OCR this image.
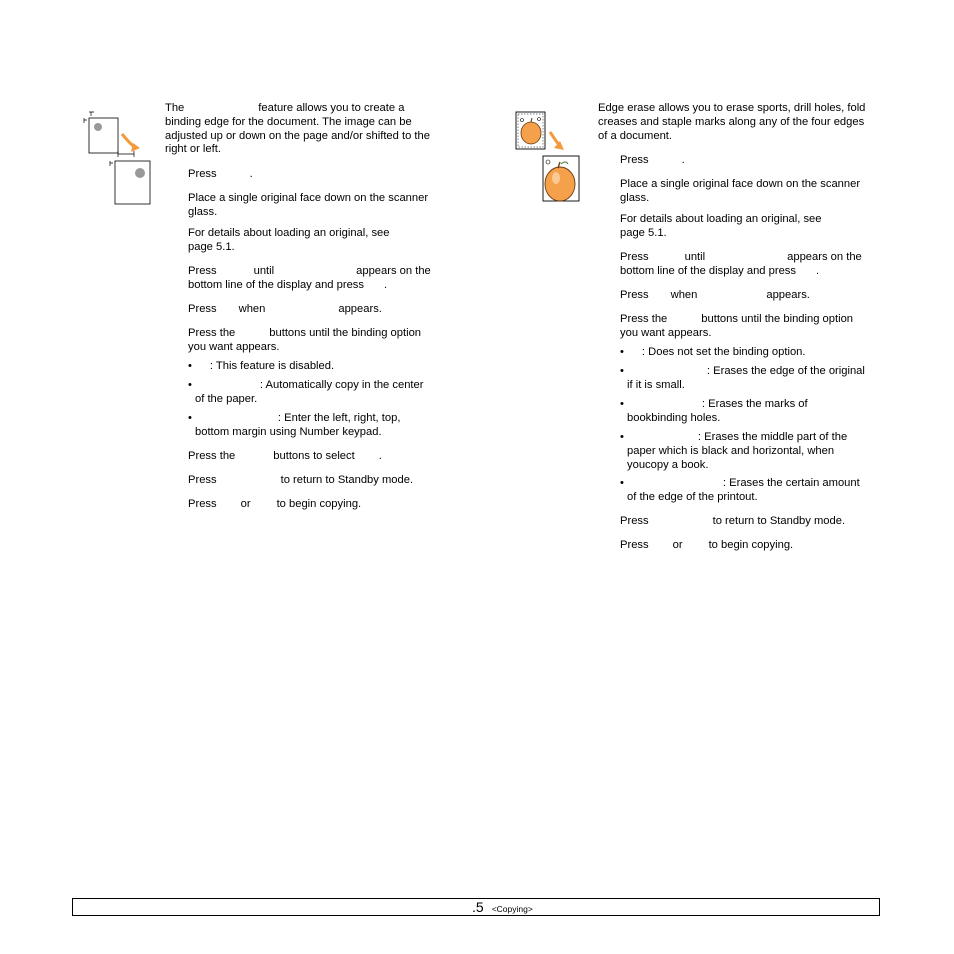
The	feature allows you to create a
binding edge for the document. The image can be
adjusted up or down on the page and/or shifted to the
right or left.
Press	.
Place a single original face down on the scanner
glass.
For details about loading an original, see
page 5.1.
Press	until	appears on the
bottom line of the display and press .
Press when	appears.
Press the	buttons until the binding option
you want appears.
• : This feature is disabled.
•	: Automatically copy in the center
of the paper.
•	: Enter the left, right, top,
bottom margin using Number keypad.
Press the	buttons to select .
Press	to return to Standby mode.
Press or to begin copying.
Edge erase allows you to erase sports, drill holes, fold
creases and staple marks along any of the four edges
of a document.
Press	.
Place a single original face down on the scanner
glass.
For details about loading an original, see
page 5.1.
Press	until	appears on the
bottom line of the display and press .
Press when	appears.
Press the	buttons until the binding option
you want appears.
• : Does not set the binding option.
•	: Erases the edge of the original
if it is small.
•	: Erases the marks of
bookbinding holes.
•	: Erases the middle part of the
paper which is black and horizontal, when
youcopy a book.
•	: Erases the certain amount
of the edge of the printout.
Press	to return to Standby mode.
Press or to begin copying.
.5 <Copying>
